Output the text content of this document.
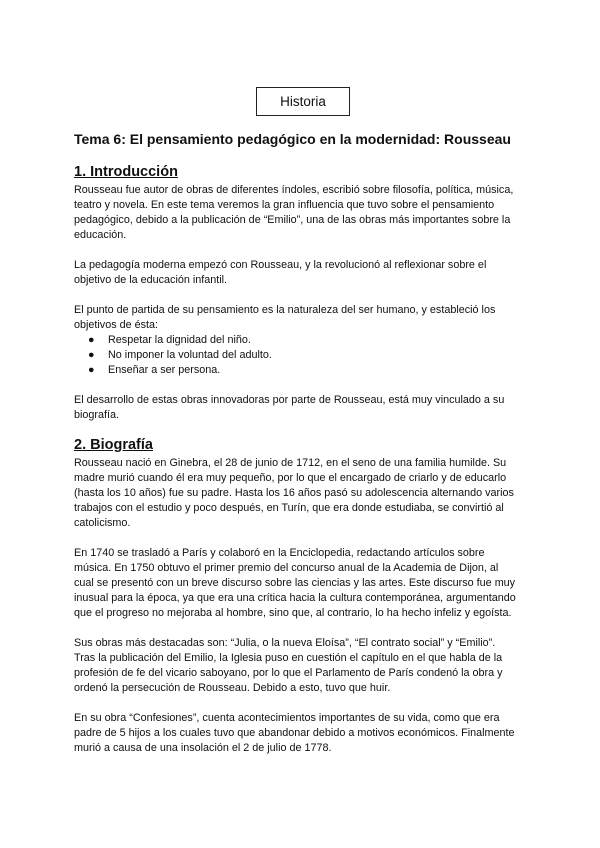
Historia
Tema 6: El pensamiento pedagógico en la modernidad: Rousseau
1. Introducción

Rousseau fue autor de obras de diferentes índoles, escribió sobre filosofía, política, música,
teatro y novela. En este tema veremos la gran influencia que tuvo sobre el pensamiento
pedagógico, debido a la publicación de “Emilio”, una de las obras más importantes sobre la
educación.

La pedagogía moderna empezó con Rousseau, y la revolucionó al reflexionar sobre el
objetivo de la educación infantil.

El punto de partida de su pensamiento es la naturaleza del ser humano, y estableció los
objetivos de ésta:

● Respetar la dignidad del niño.
● No imponer la voluntad del adulto.
● Enseñar a ser persona.

El desarrollo de estas obras innovadoras por parte de Rousseau, está muy vinculado a su
biografía.

2. Biografía

Rousseau nació en Ginebra, el 28 de junio de 1712, en el seno de una familia humilde. Su
madre murió cuando él era muy pequeño, por lo que el encargado de criarlo y de educarlo
(hasta los 10 años) fue su padre. Hasta los 16 años pasó su adolescencia alternando varios
trabajos con el estudio y poco después, en Turín, que era donde estudiaba, se convirtió al
catolicismo.

En 1740 se trasladó a París y colaboró en la Enciclopedia, redactando artículos sobre
música. En 1750 obtuvo el primer premio del concurso anual de la Academia de Dijon, al
cual se presentó con un breve discurso sobre las ciencias y las artes. Este discurso fue muy
inusual para la época, ya que era una crítica hacia la cultura contemporánea, argumentando
que el progreso no mejoraba al hombre, sino que, al contrario, lo ha hecho infeliz y egoísta.

Sus obras más destacadas son: “Julia, o la nueva Eloísa”, “El contrato social” y “Emilio”.
Tras la publicación del Emilio, la Iglesia puso en cuestión el capítulo en el que habla de la
profesión de fe del vicario saboyano, por lo que el Parlamento de París condenó la obra y
ordenó la persecución de Rousseau. Debido a esto, tuvo que huir.

En su obra “Confesiones”, cuenta acontecimientos importantes de su vida, como que era
padre de 5 hijos a los cuales tuvo que abandonar debido a motivos económicos. Finalmente
murió a causa de una insolación el 2 de julio de 1778.
